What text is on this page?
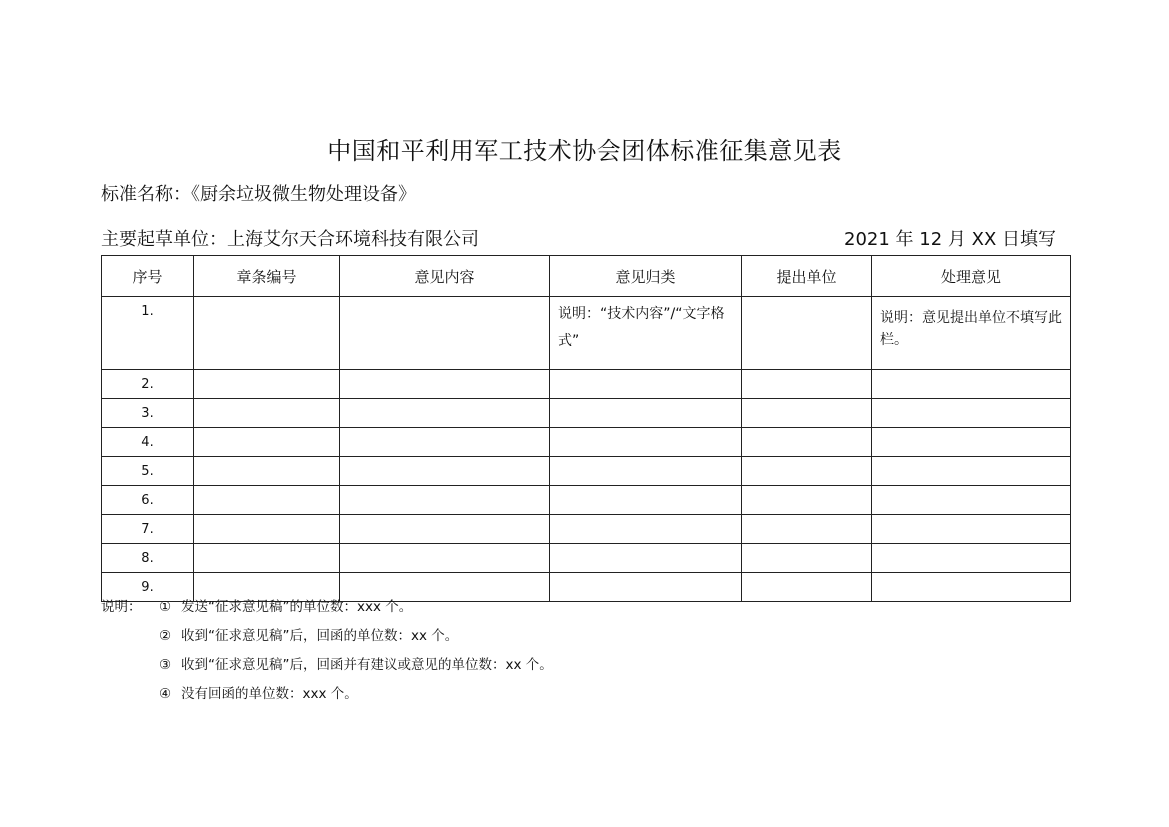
中国和平利用军工技术协会团体标准征集意见表
标准名称：《厨余垃圾微生物处理设备》
主要起草单位：上海艾尔天合环境科技有限公司	2021 年 12 月 XX 日填写
序号	章条编号	意见内容	意见归类	提出单位	处理意见
1.			说明：“技术内容”/“文字格式”		说明：意见提出单位不填写此栏。

2.					
3.					
4.					
5.					
6.					
7.					
8.					
9.					
说明： ① 发送“征求意见稿”的单位数：xxx 个。
② 收到“征求意见稿”后，回函的单位数：xx 个。
③ 收到“征求意见稿”后，回函并有建议或意见的单位数：xx 个。
④ 没有回函的单位数：xxx 个。
